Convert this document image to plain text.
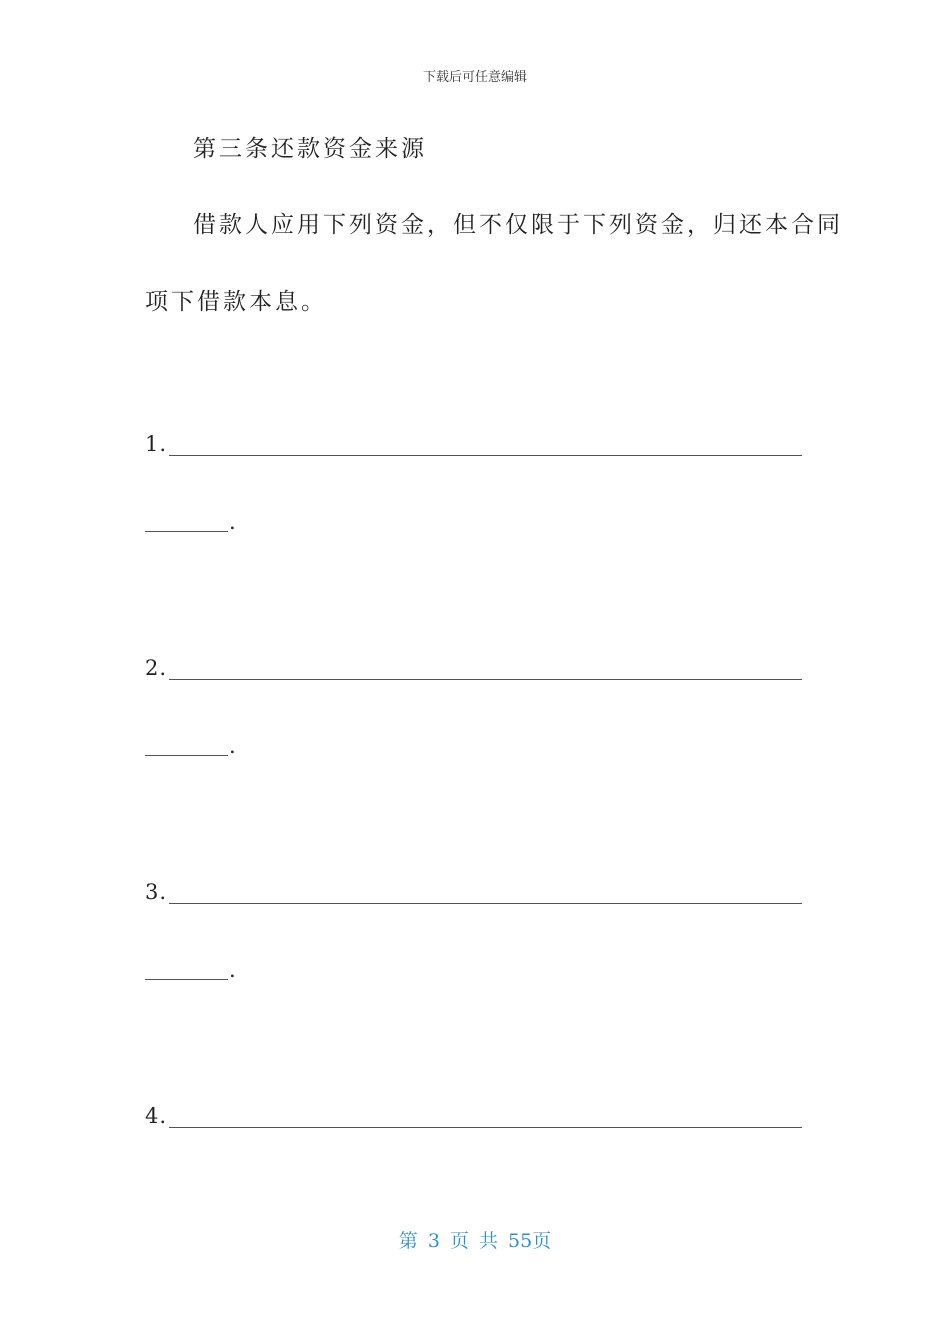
下载后可任意编辑
第三条还款资金来源
借款人应用下列资金，但不仅限于下列资金，归还本合同
项下借款本息。
1.
.
2.
.
3.
.
4.
第 3 页 共 55页
